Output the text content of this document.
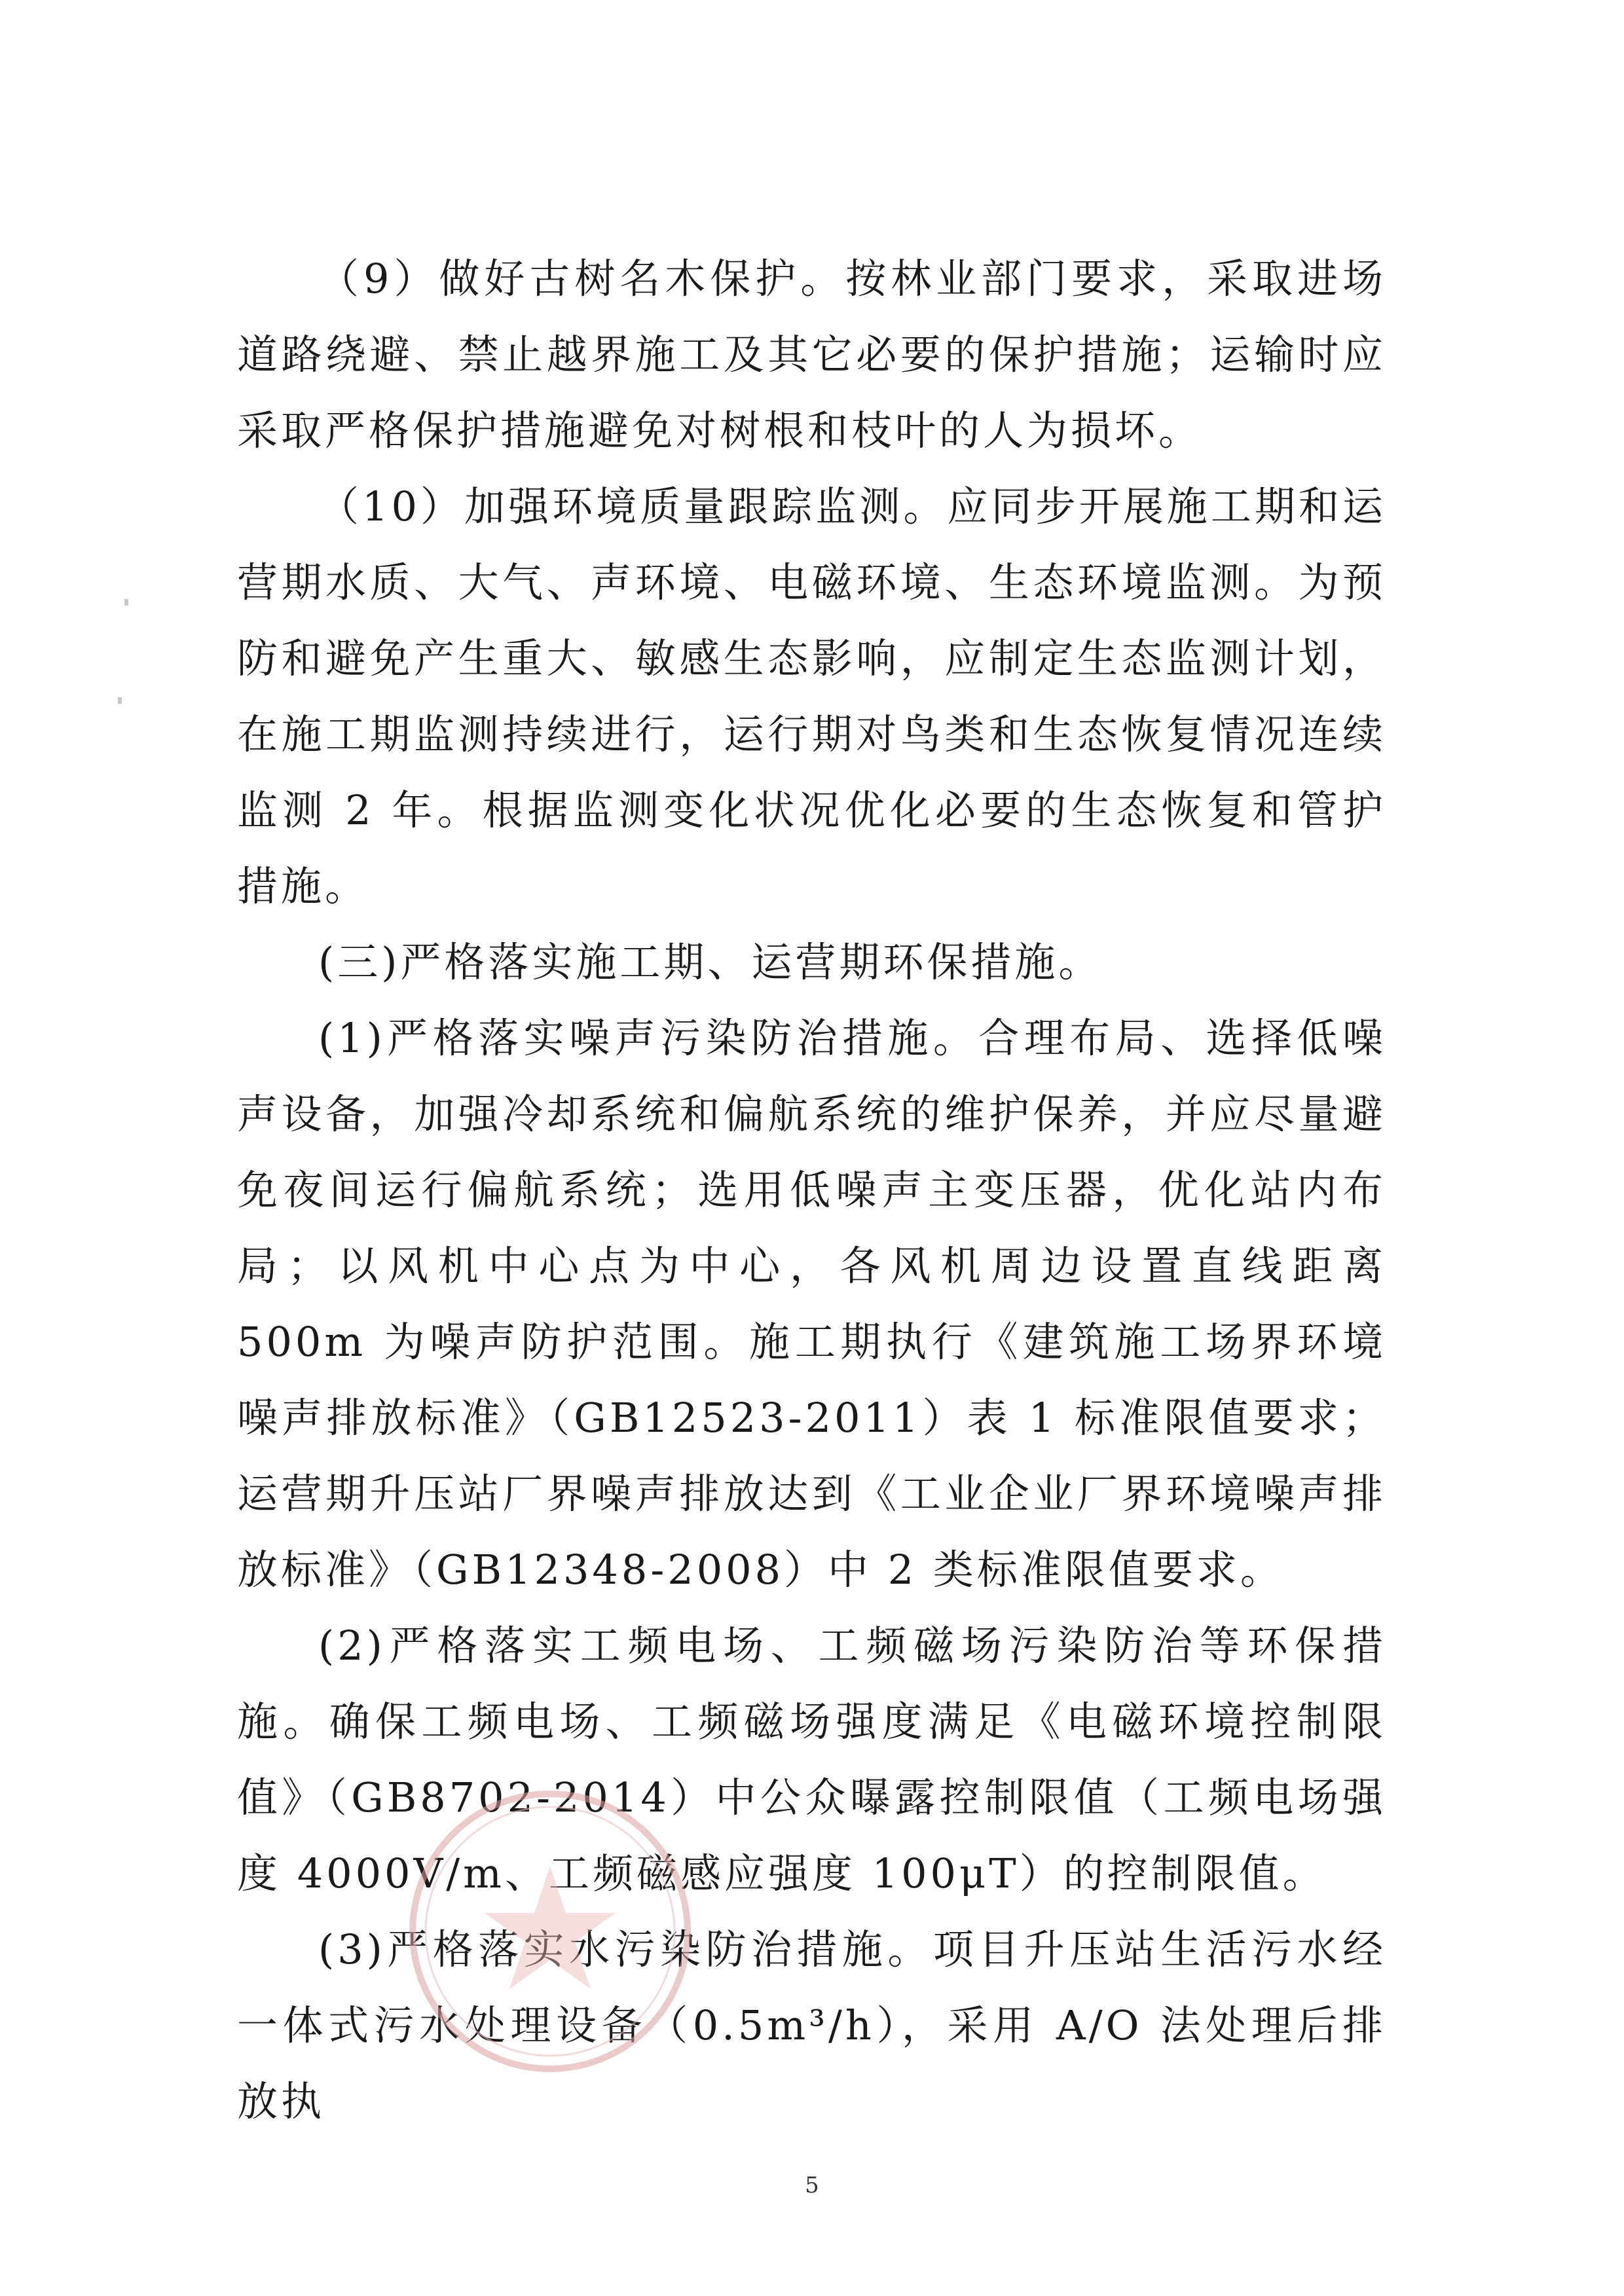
（9）做好古树名木保护。按林业部门要求，采取进场道路绕避、禁止越界施工及其它必要的保护措施；运输时应采取严格保护措施避免对树根和枝叶的人为损坏。

（10）加强环境质量跟踪监测。应同步开展施工期和运营期水质、大气、声环境、电磁环境、生态环境监测。为预防和避免产生重大、敏感生态影响，应制定生态监测计划，在施工期监测持续进行，运行期对鸟类和生态恢复情况连续监测 2 年。根据监测变化状况优化必要的生态恢复和管护措施。

(三)严格落实施工期、运营期环保措施。

(1)严格落实噪声污染防治措施。合理布局、选择低噪声设备，加强冷却系统和偏航系统的维护保养，并应尽量避免夜间运行偏航系统；选用低噪声主变压器，优化站内布局；以风机中心点为中心，各风机周边设置直线距离 500m 为噪声防护范围。施工期执行《建筑施工场界环境噪声排放标准》（GB12523-2011）表 1 标准限值要求；运营期升压站厂界噪声排放达到《工业企业厂界环境噪声排放标准》（GB12348-2008）中 2 类标准限值要求。

(2)严格落实工频电场、工频磁场污染防治等环保措施。确保工频电场、工频磁场强度满足《电磁环境控制限值》（GB8702-2014）中公众曝露控制限值（工频电场强度 4000V/m、工频磁感应强度 100μT）的控制限值。

(3)严格落实水污染防治措施。项目升压站生活污水经一体式污水处理设备（0.5m³/h），采用 A/O 法处理后排放执

5
